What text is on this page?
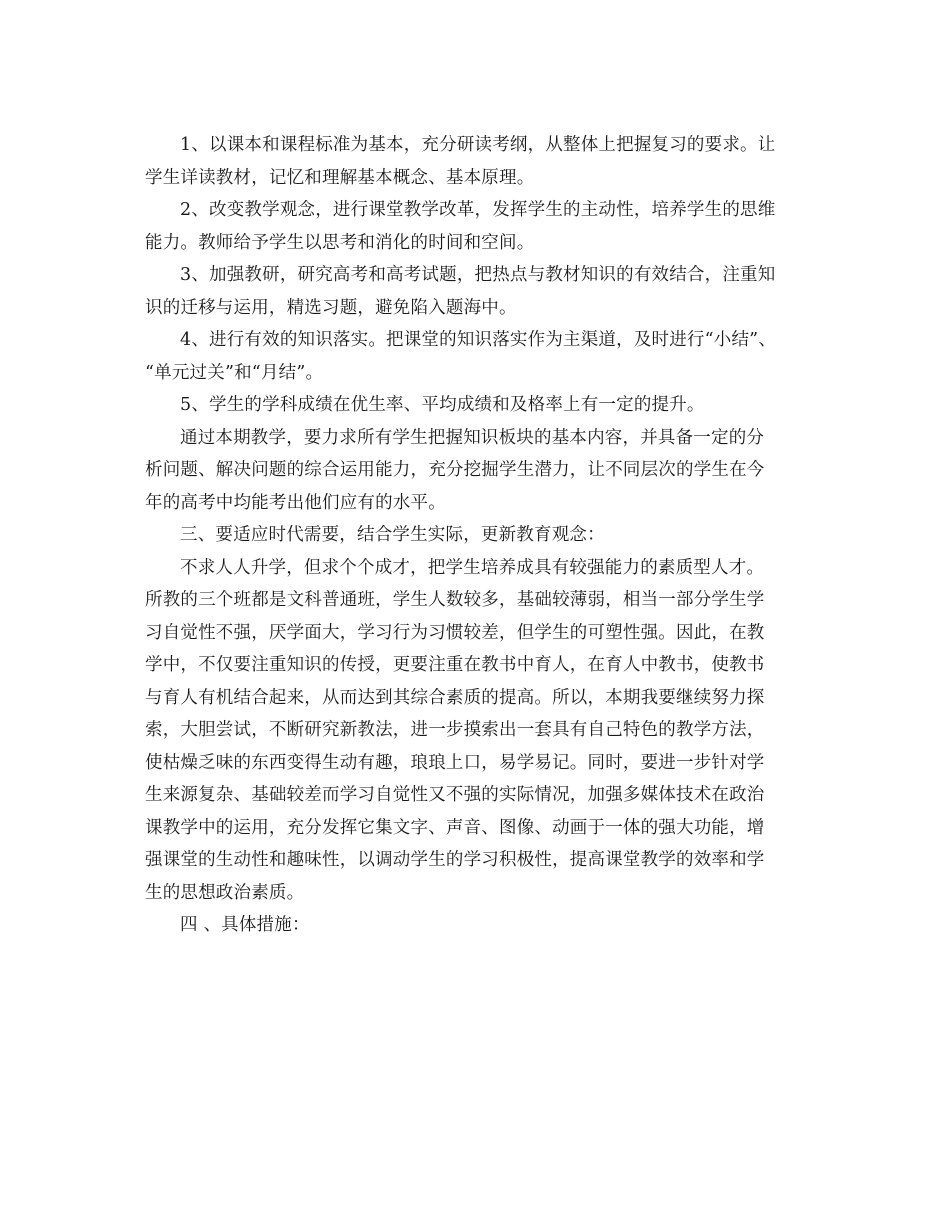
1、以课本和课程标准为基本，充分研读考纲，从整体上把握复习的要求。让
学生详读教材，记忆和理解基本概念、基本原理。
2、改变教学观念，进行课堂教学改革，发挥学生的主动性，培养学生的思维
能力。教师给予学生以思考和消化的时间和空间。
3、加强教研，研究高考和高考试题，把热点与教材知识的有效结合，注重知
识的迁移与运用，精选习题，避免陷入题海中。
4、进行有效的知识落实。把课堂的知识落实作为主渠道，及时进行“小结”、
“单元过关”和“月结”。
5、学生的学科成绩在优生率、平均成绩和及格率上有一定的提升。
通过本期教学，要力求所有学生把握知识板块的基本内容，并具备一定的分
析问题、解决问题的综合运用能力，充分挖掘学生潜力，让不同层次的学生在今
年的高考中均能考出他们应有的水平。
三、要适应时代需要，结合学生实际，更新教育观念：
不求人人升学，但求个个成才，把学生培养成具有较强能力的素质型人才。
所教的三个班都是文科普通班，学生人数较多，基础较薄弱，相当一部分学生学
习自觉性不强，厌学面大，学习行为习惯较差，但学生的可塑性强。因此，在教
学中，不仅要注重知识的传授，更要注重在教书中育人，在育人中教书，使教书
与育人有机结合起来，从而达到其综合素质的提高。所以，本期我要继续努力探
索，大胆尝试，不断研究新教法，进一步摸索出一套具有自己特色的教学方法，
使枯燥乏味的东西变得生动有趣，琅琅上口，易学易记。同时，要进一步针对学
生来源复杂、基础较差而学习自觉性又不强的实际情况，加强多媒体技术在政治
课教学中的运用，充分发挥它集文字、声音、图像、动画于一体的强大功能，增
强课堂的生动性和趣味性，以调动学生的学习积极性，提高课堂教学的效率和学
生的思想政治素质。
四 、具体措施：
